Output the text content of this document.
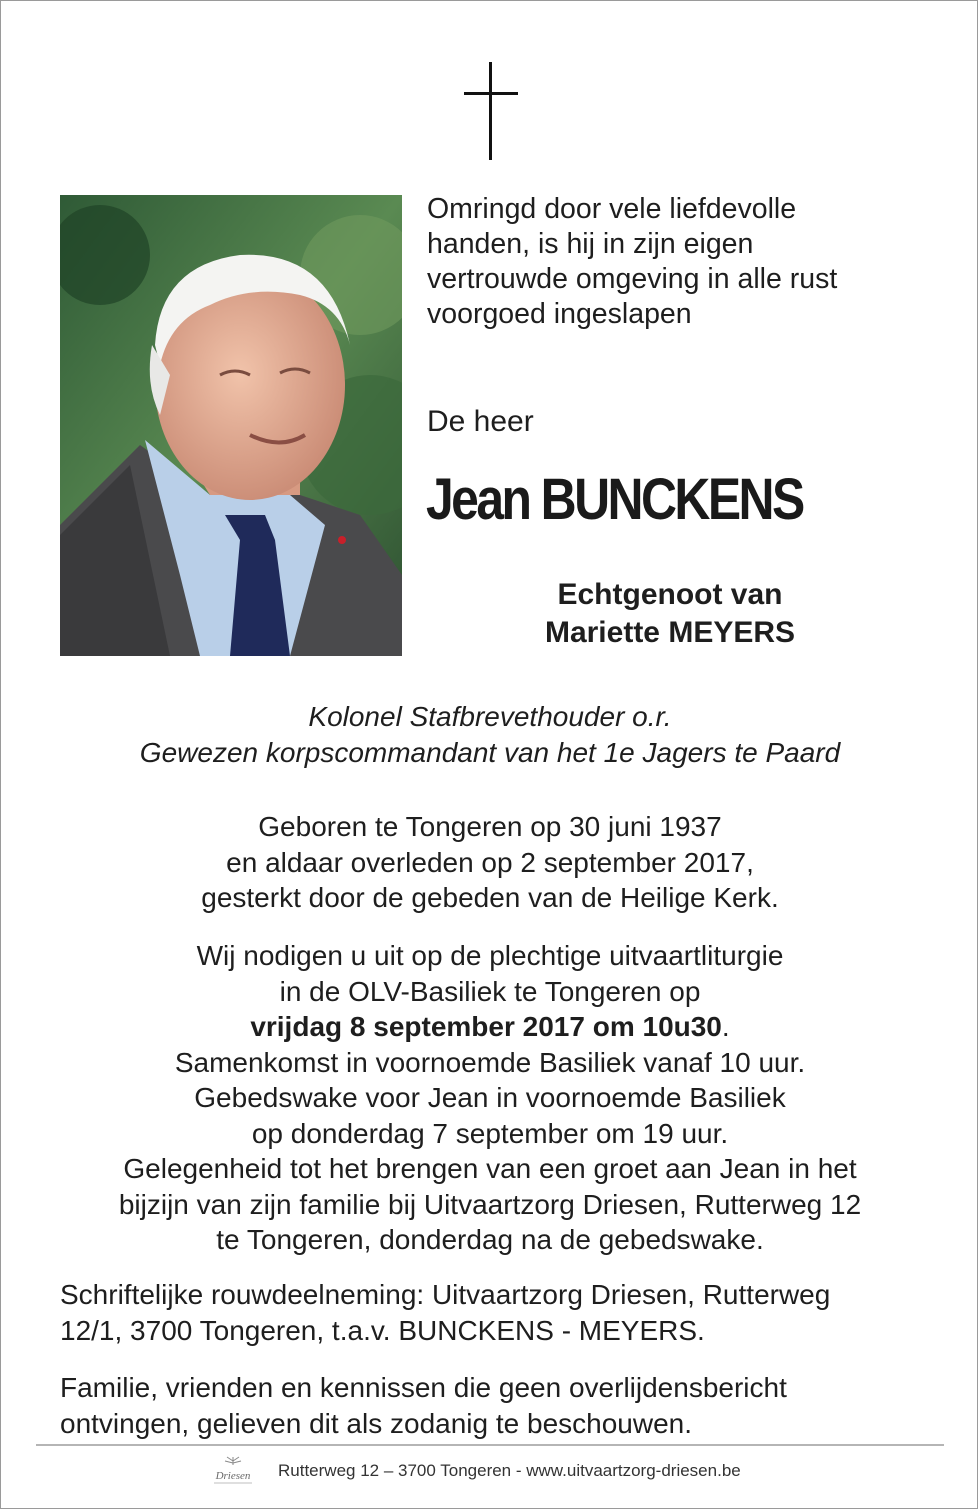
Omringd door vele liefdevolle
handen, is hij in zijn eigen
vertrouwde omgeving in alle rust
voorgoed ingeslapen
De heer
Jean BUNCKENS
Echtgenoot van
Mariette MEYERS
Kolonel Stafbrevethouder o.r.
Gewezen korpscommandant van het 1e Jagers te Paard
Geboren te Tongeren op 30 juni 1937
en aldaar overleden op 2 september 2017,
gesterkt door de gebeden van de Heilige Kerk.
Wij nodigen u uit op de plechtige uitvaartliturgie
in de OLV-Basiliek te Tongeren op
vrijdag 8 september 2017 om 10u30.
Samenkomst in voornoemde Basiliek vanaf 10 uur.
Gebedswake voor Jean in voornoemde Basiliek
op donderdag 7 september om 19 uur.
Gelegenheid tot het brengen van een groet aan Jean in het
bijzijn van zijn familie bij Uitvaartzorg Driesen, Rutterweg 12
te Tongeren, donderdag na de gebedswake.
Schriftelijke rouwdeelneming: Uitvaartzorg Driesen, Rutterweg
12/1, 3700 Tongeren, t.a.v. BUNCKENS - MEYERS.
Familie, vrienden en kennissen die geen overlijdensbericht
ontvingen, gelieven dit als zodanig te beschouwen.
Driesen Rutterweg 12 – 3700 Tongeren - www.uitvaartzorg-driesen.be
